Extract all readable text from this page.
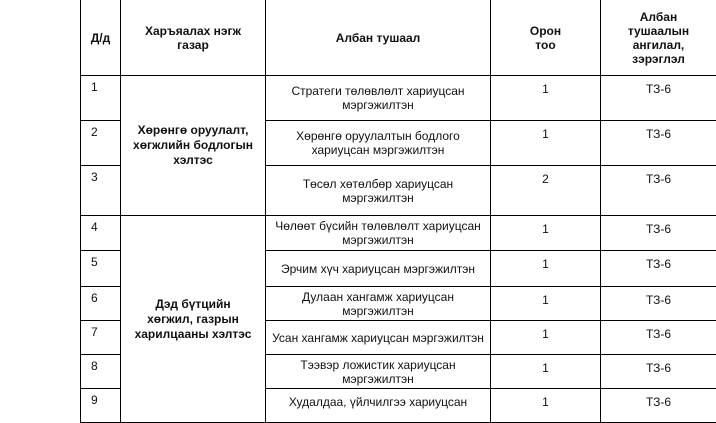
Д/д	Харъяалах нэгж газар	Албан тушаал	Орон тоо	Албан тушаалын ангилал, зэрэглэл
1	Хөрөнгө оруулалт, хөгжлийн бодлогын хэлтэс	Стратеги төлөвлөлт хариуцсан мэргэжилтэн	1	ТЗ-6
2		Хөрөнгө оруулалтын бодлого хариуцсан мэргэжилтэн	1	ТЗ-6
3		Төсөл хөтөлбөр хариуцсан мэргэжилтэн	2	ТЗ-6
4	Дэд бүтцийн хөгжил, газрын харилцааны хэлтэс	Чөлөөт бүсийн төлөвлөлт хариуцсан мэргэжилтэн	1	ТЗ-6
5		Эрчим хүч хариуцсан мэргэжилтэн	1	ТЗ-6
6		Дулаан хангамж хариуцсан мэргэжилтэн	1	ТЗ-6
7		Усан хангамж хариуцсан мэргэжилтэн	1	ТЗ-6
8		Тээвэр ложистик хариуцсан мэргэжилтэн	1	ТЗ-6
9		Худалдаа, үйлчилгээ хариуцсан	1	ТЗ-6
